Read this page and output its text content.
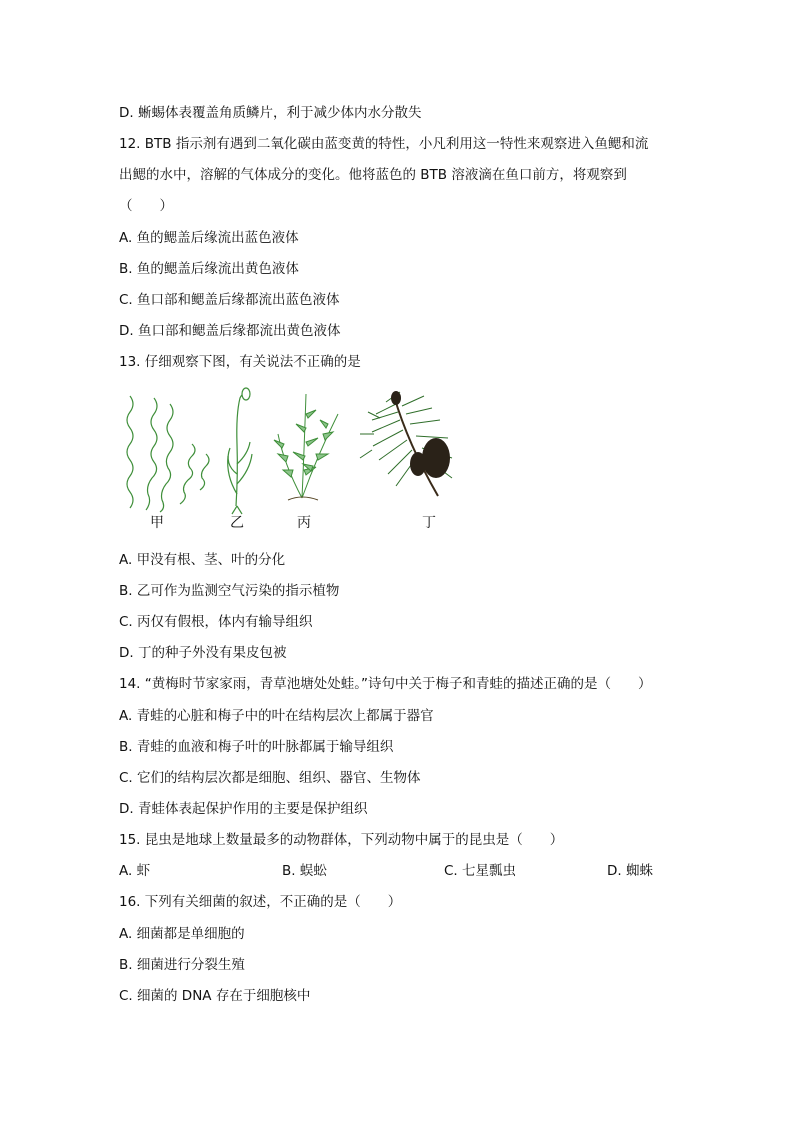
D. 蜥蜴体表覆盖角质鳞片，利于减少体内水分散失
12. BTB 指示剂有遇到二氧化碳由蓝变黄的特性，小凡利用这一特性来观察进入鱼鳃和流
出鳃的水中，溶解的气体成分的变化。他将蓝色的 BTB 溶液滴在鱼口前方，将观察到
（　　）
A. 鱼的鳃盖后缘流出蓝色液体
B. 鱼的鳃盖后缘流出黄色液体
C. 鱼口部和鳃盖后缘都流出蓝色液体
D. 鱼口部和鳃盖后缘都流出黄色液体
13. 仔细观察下图，有关说法不正确的是
甲	乙	丙	丁
A. 甲没有根、茎、叶的分化
B. 乙可作为监测空气污染的指示植物
C. 丙仅有假根，体内有输导组织
D. 丁的种子外没有果皮包被
14. “黄梅时节家家雨，青草池塘处处蛙。”诗句中关于梅子和青蛙的描述正确的是（　　）
A. 青蛙的心脏和梅子中的叶在结构层次上都属于器官
B. 青蛙的血液和梅子叶的叶脉都属于输导组织
C. 它们的结构层次都是细胞、组织、器官、生物体
D. 青蛙体表起保护作用的主要是保护组织
15. 昆虫是地球上数量最多的动物群体，下列动物中属于的昆虫是（　　）
A. 虾	B. 蜈蚣	C. 七星瓢虫	D. 蜘蛛
16. 下列有关细菌的叙述，不正确的是（　　）
A. 细菌都是单细胞的
B. 细菌进行分裂生殖
C. 细菌的 DNA 存在于细胞核中
